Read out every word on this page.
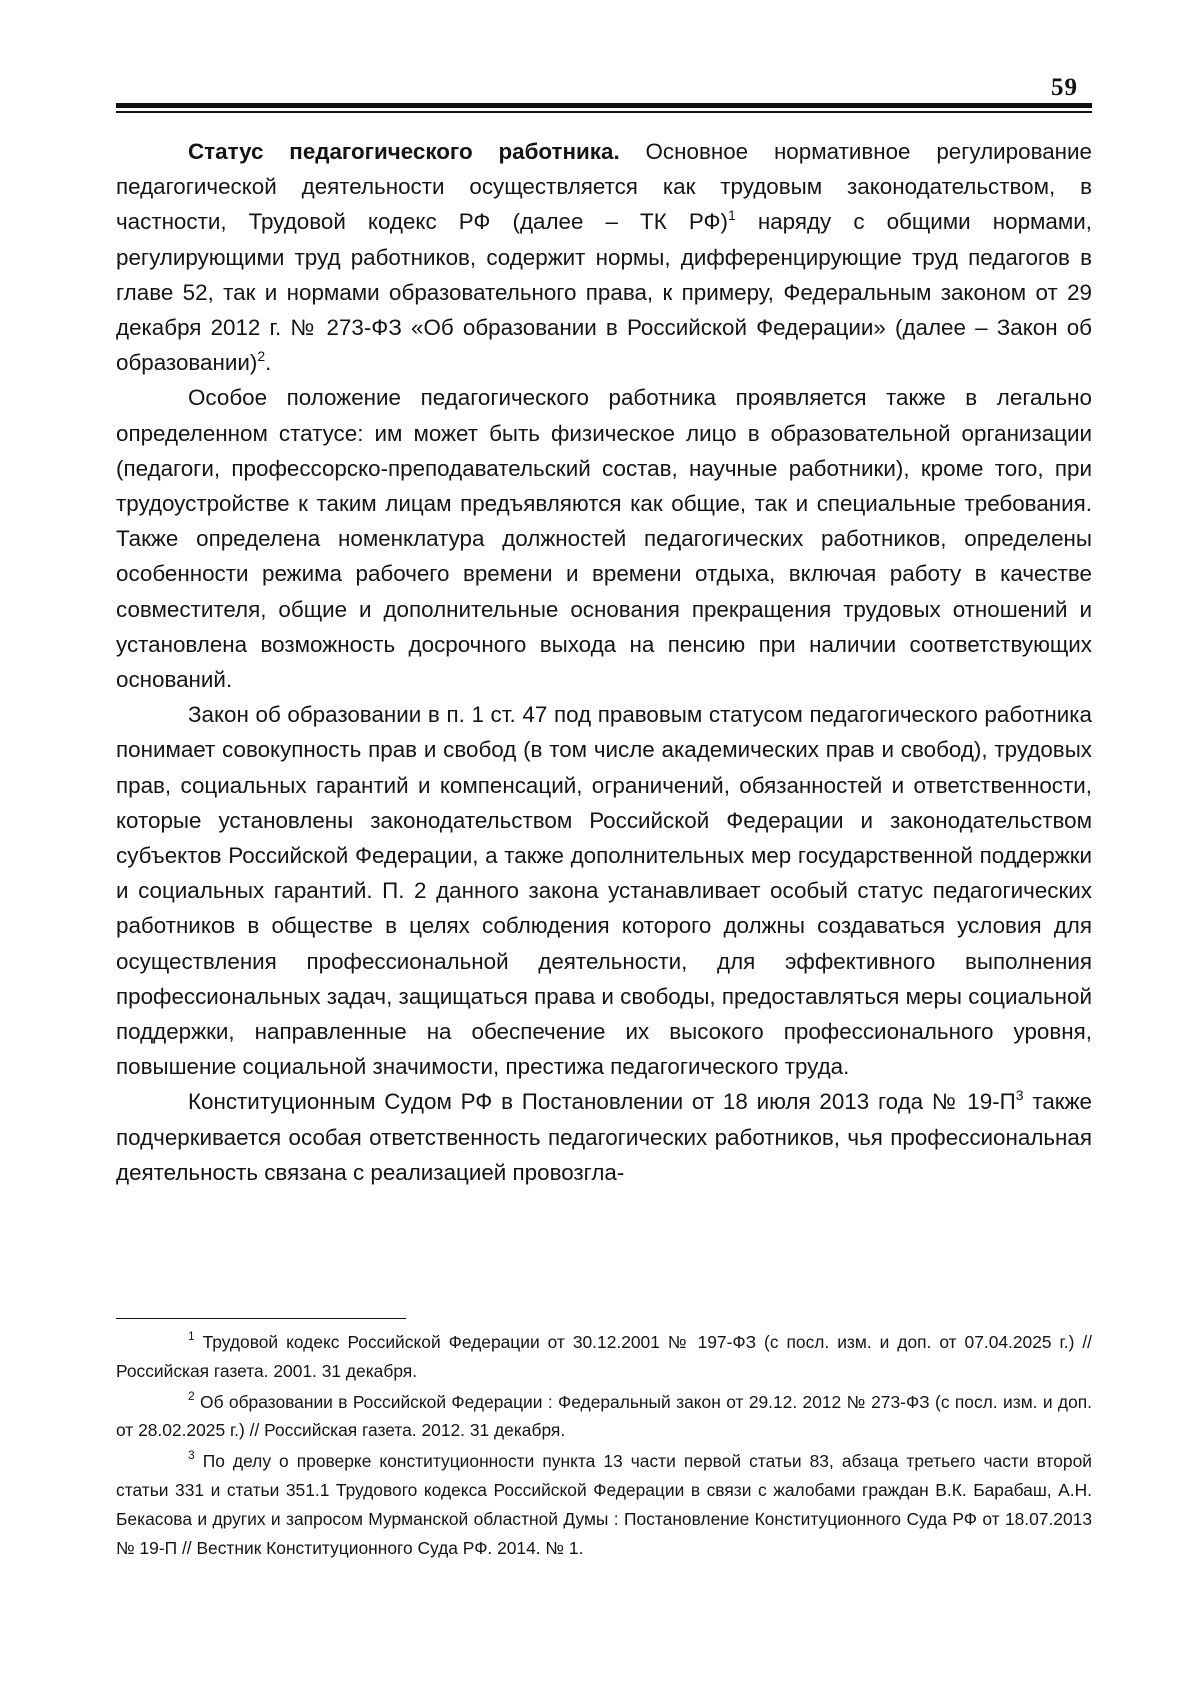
59

Статус педагогического работника. Основное нормативное регулирование педагогической деятельности осуществляется как трудовым законодательством, в частности, Трудовой кодекс РФ (далее – ТК РФ)$^1$ наряду с общими нормами, регулирующими труд работников, содержит нормы, дифференцирующие труд педагогов в главе 52, так и нормами образовательного права, к примеру, Федеральным законом от 29 декабря 2012 г. № 273-ФЗ «Об образовании в Российской Федерации» (далее – Закон об образовании)$^2$.

Особое положение педагогического работника проявляется также в легально определенном статусе: им может быть физическое лицо в образовательной организации (педагоги, профессорско-преподавательский состав, научные работники), кроме того, при трудоустройстве к таким лицам предъявляются как общие, так и специальные требования. Также определена номенклатура должностей педагогических работников, определены особенности режима рабочего времени и времени отдыха, включая работу в качестве совместителя, общие и дополнительные основания прекращения трудовых отношений и установлена возможность досрочного выхода на пенсию при наличии соответствующих оснований.

Закон об образовании в п. 1 ст. 47 под правовым статусом педагогического работника понимает совокупность прав и свобод (в том числе академических прав и свобод), трудовых прав, социальных гарантий и компенсаций, ограничений, обязанностей и ответственности, которые установлены законодательством Российской Федерации и законодательством субъектов Российской Федерации, а также дополнительных мер государственной поддержки и социальных гарантий. П. 2 данного закона устанавливает особый статус педагогических работников в обществе в целях соблюдения которого должны создаваться условия для осуществления профессиональной деятельности, для эффективного выполнения профессиональных задач, защищаться права и свободы, предоставляться меры социальной поддержки, направленные на обеспечение их высокого профессионального уровня, повышение социальной значимости, престижа педагогического труда.

Конституционным Судом РФ в Постановлении от 18 июля 2013 года № $19-П^3$ также подчеркивается особая ответственность педагогических работников, чья профессиональная деятельность связана с реализацией провозгла-

$^1$ Трудовой кодекс Российской Федерации от 30.12.2001 № 197-ФЗ (с посл. изм. и доп. от 07.04.2025 г.) // Российская газета. 2001. 31 декабря.

$^2$ Об образовании в Российской Федерации : Федеральный закон от 29.12. 2012 № 273-ФЗ (с посл. изм. и доп. от 28.02.2025 г.) // Российская газета. 2012. 31 декабря.

$^3$ По делу о проверке конституционности пункта 13 части первой статьи 83, абзаца третьего части второй статьи 331 и статьи 351.1 Трудового кодекса Российской Федерации в связи с жалобами граждан В.К. Барабаш, А.Н. Бекасова и других и запросом Мурманской областной Думы : Постановление Конституционного Суда РФ от 18.07.2013 № 19-П // Вестник Конституционного Суда РФ. 2014. № 1.
